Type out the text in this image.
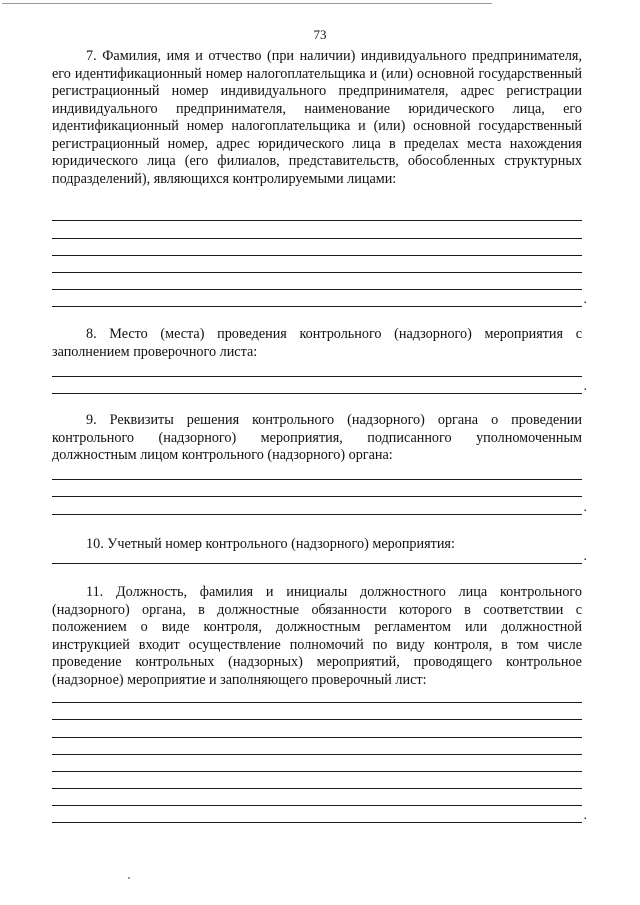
73

7. Фамилия, имя и отчество (при наличии) индивидуального предпринимателя, его идентификационный номер налогоплательщика и (или) основной государственный регистрационный номер индивидуального предпринимателя, адрес регистрации индивидуального предпринимателя, наименование юридического лица, его идентификационный номер налогоплательщика и (или) основной государственный регистрационный номер, адрес юридического лица в пределах места нахождения юридического лица (его филиалов, представительств, обособленных структурных подразделений), являющихся контролируемыми лицами:

.

8. Место (места) проведения контрольного (надзорного) мероприятия с заполнением проверочного листа:

.

9. Реквизиты решения контрольного (надзорного) органа о проведении контрольного (надзорного) мероприятия, подписанного уполномоченным должностным лицом контрольного (надзорного) органа:

.

10. Учетный номер контрольного (надзорного) мероприятия:

.

11. Должность, фамилия и инициалы должностного лица контрольного (надзорного) органа, в должностные обязанности которого в соответствии с положением о виде контроля, должностным регламентом или должностной инструкцией входит осуществление полномочий по виду контроля, в том числе проведение контрольных (надзорных) мероприятий, проводящего контрольное (надзорное) мероприятие и заполняющего проверочный лист:

.
